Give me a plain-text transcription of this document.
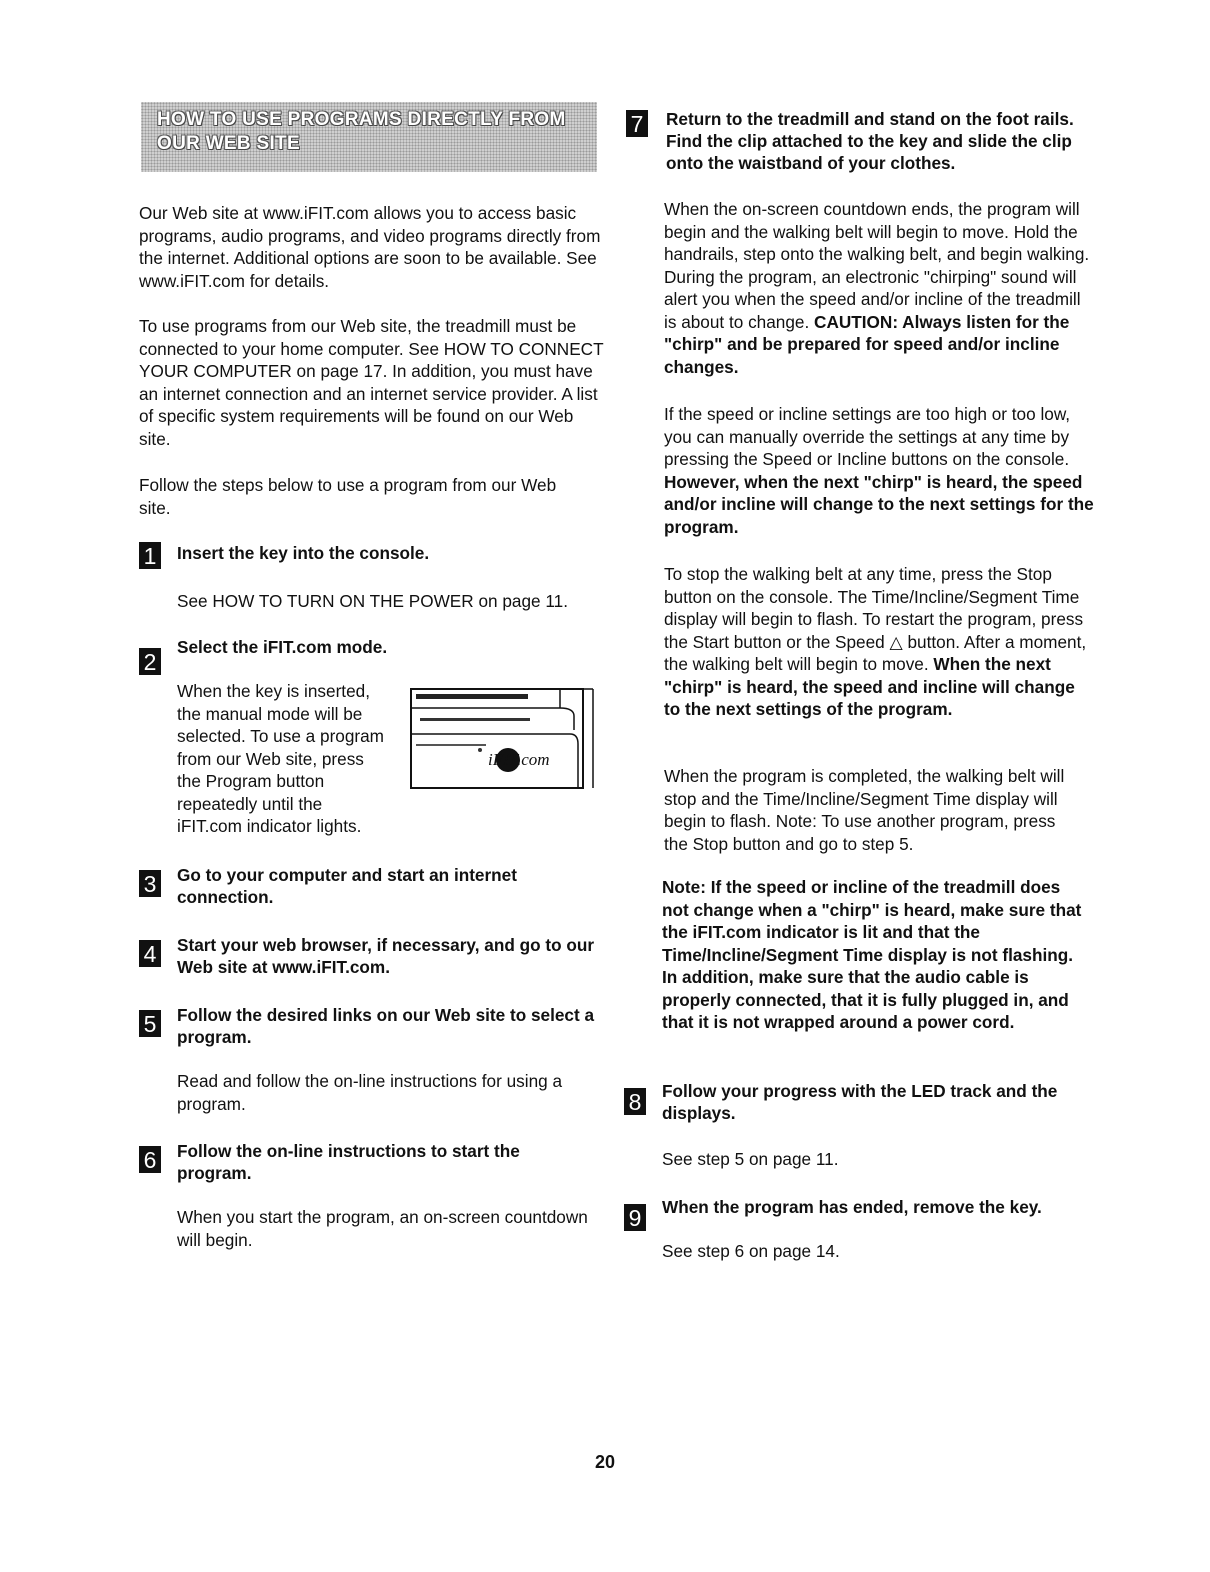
HOW TO USE PROGRAMS DIRECTLY FROM OUR WEB SITE

Our Web site at www.iFIT.com allows you to access basic programs, audio programs, and video programs directly from the internet. Additional options are soon to be available. See www.iFIT.com for details.

To use programs from our Web site, the treadmill must be connected to your home computer. See HOW TO CONNECT YOUR COMPUTER on page 17. In addition, you must have an internet connection and an internet service provider. A list of specific system requirements will be found on our Web site.

Follow the steps below to use a program from our Web site.

1 Insert the key into the console.

See HOW TO TURN ON THE POWER on page 11.

2
Select the iFIT.com mode.

When the key is inserted, the manual mode will be selected. To use a program from our Web site, press the Program button repeatedly until the iFIT.com indicator lights.

iFIT.com
3 Go to your computer and start an internet connection.
4 Start your web browser, if necessary, and go to our Web site at www.iFIT.com.
5 Follow the desired links on our Web site to select a program.

Read and follow the on-line instructions for using a program.

6 Follow the on-line instructions to start the program.

When you start the program, an on-screen countdown will begin.

7 Return to the treadmill and stand on the foot rails. Find the clip attached to the key and slide the clip onto the waistband of your clothes.

When the on-screen countdown ends, the program will begin and the walking belt will begin to move. Hold the handrails, step onto the walking belt, and begin walking. During the program, an electronic "chirping" sound will alert you when the speed and/or incline of the treadmill is about to change. CAUTION: Always listen for the "chirp" and be prepared for speed and/or incline changes.

If the speed or incline settings are too high or too low, you can manually override the settings at any time by pressing the Speed or Incline buttons on the console. However, when the next "chirp" is heard, the speed and/or incline will change to the next settings for the program.

To stop the walking belt at any time, press the Stop button on the console. The Time/Incline/Segment Time display will begin to flash. To restart the program, press the Start button or the Speed △ button. After a moment, the walking belt will begin to move. When the next "chirp" is heard, the speed and incline will change to the next settings of the program.

When the program is completed, the walking belt will stop and the Time/Incline/Segment Time display will begin to flash. Note: To use another program, press the Stop button and go to step 5.

Note: If the speed or incline of the treadmill does not change when a "chirp" is heard, make sure that the iFIT.com indicator is lit and that the Time/Incline/Segment Time display is not flashing. In addition, make sure that the audio cable is properly connected, that it is fully plugged in, and that it is not wrapped around a power cord.

8 Follow your progress with the LED track and the displays.

See step 5 on page 11.

9 When the program has ended, remove the key.

See step 6 on page 14.

20
